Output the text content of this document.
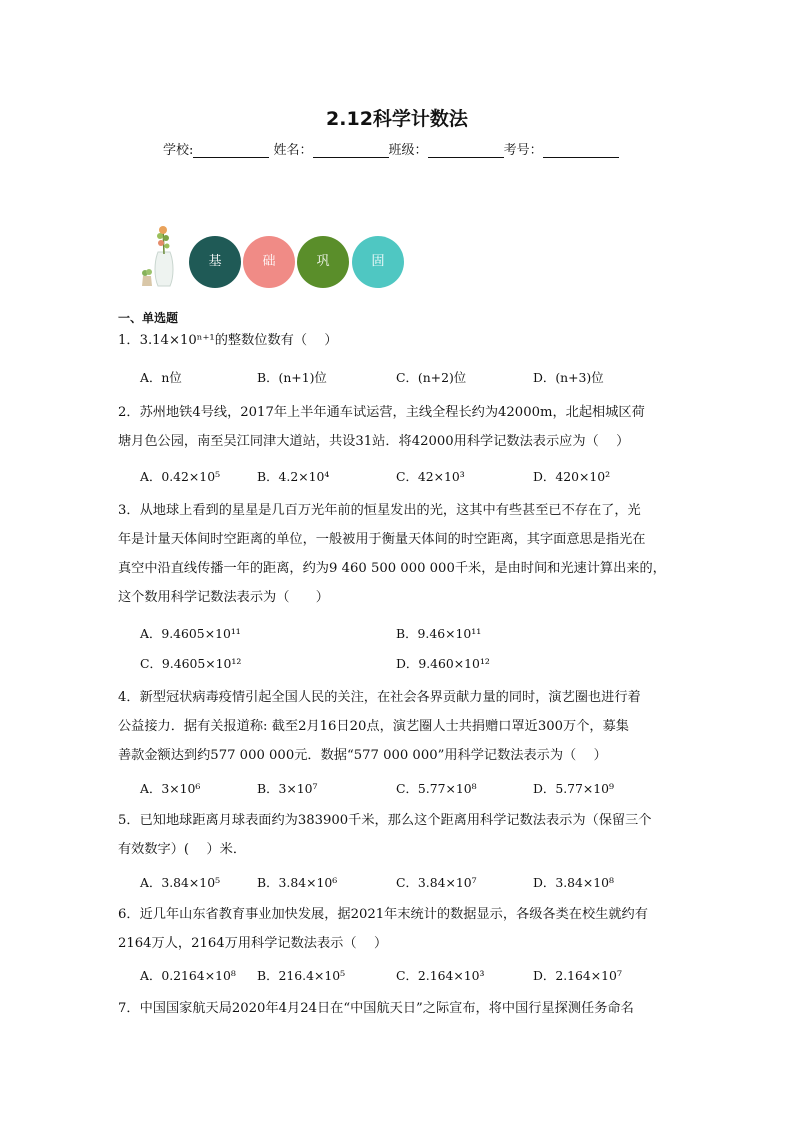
2.12科学计数法
学校:	姓名：	班级：	考号：
基	础	巩	固
一、单选题

1．3.14×10ⁿ⁺¹的整数位数有（　 ）

A．n位	B．(n+1)位	C．(n+2)位	D．(n+3)位

2．苏州地铁4号线，2017年上半年通车试运营，主线全程长约为42000m，北起相城区荷

塘月色公园，南至吴江同津大道站，共设31站．将42000用科学记数法表示应为（　 ）

A．0.42×10⁵	B．4.2×10⁴	C．42×10³	D．420×10²

3．从地球上看到的星星是几百万光年前的恒星发出的光，这其中有些甚至已不存在了，光

年是计量天体间时空距离的单位，一般被用于衡量天体间的时空距离，其字面意思是指光在

真空中沿直线传播一年的距离，约为9 460 500 000 000千米，是由时间和光速计算出来的，

这个数用科学记数法表示为（　　）

A．9.4605×10¹¹	B．9.46×10¹¹
C．9.4605×10¹²	D．9.460×10¹²

4．新型冠状病毒疫情引起全国人民的关注，在社会各界贡献力量的同时，演艺圈也进行着

公益接力．据有关报道称: 截至2月16日20点，演艺圈人士共捐赠口罩近300万个，募集

善款金额达到约577 000 000元．数据“577 000 000”用科学记数法表示为（　 ）

A．3×10⁶	B．3×10⁷	C．5.77×10⁸	D．5.77×10⁹

5．已知地球距离月球表面约为383900千米，那么这个距离用科学记数法表示为（保留三个

有效数字）(　 ）米．

A．3.84×10⁵	B．3.84×10⁶	C．3.84×10⁷	D．3.84×10⁸

6．近几年山东省教育事业加快发展，据2021年末统计的数据显示，各级各类在校生就约有

2164万人，2164万用科学记数法表示（　 ）

A．0.2164×10⁸ B．216.4×10⁵	C．2.164×10³	D．2.164×10⁷

7．中国国家航天局2020年4月24日在“中国航天日”之际宣布，将中国行星探测任务命名
